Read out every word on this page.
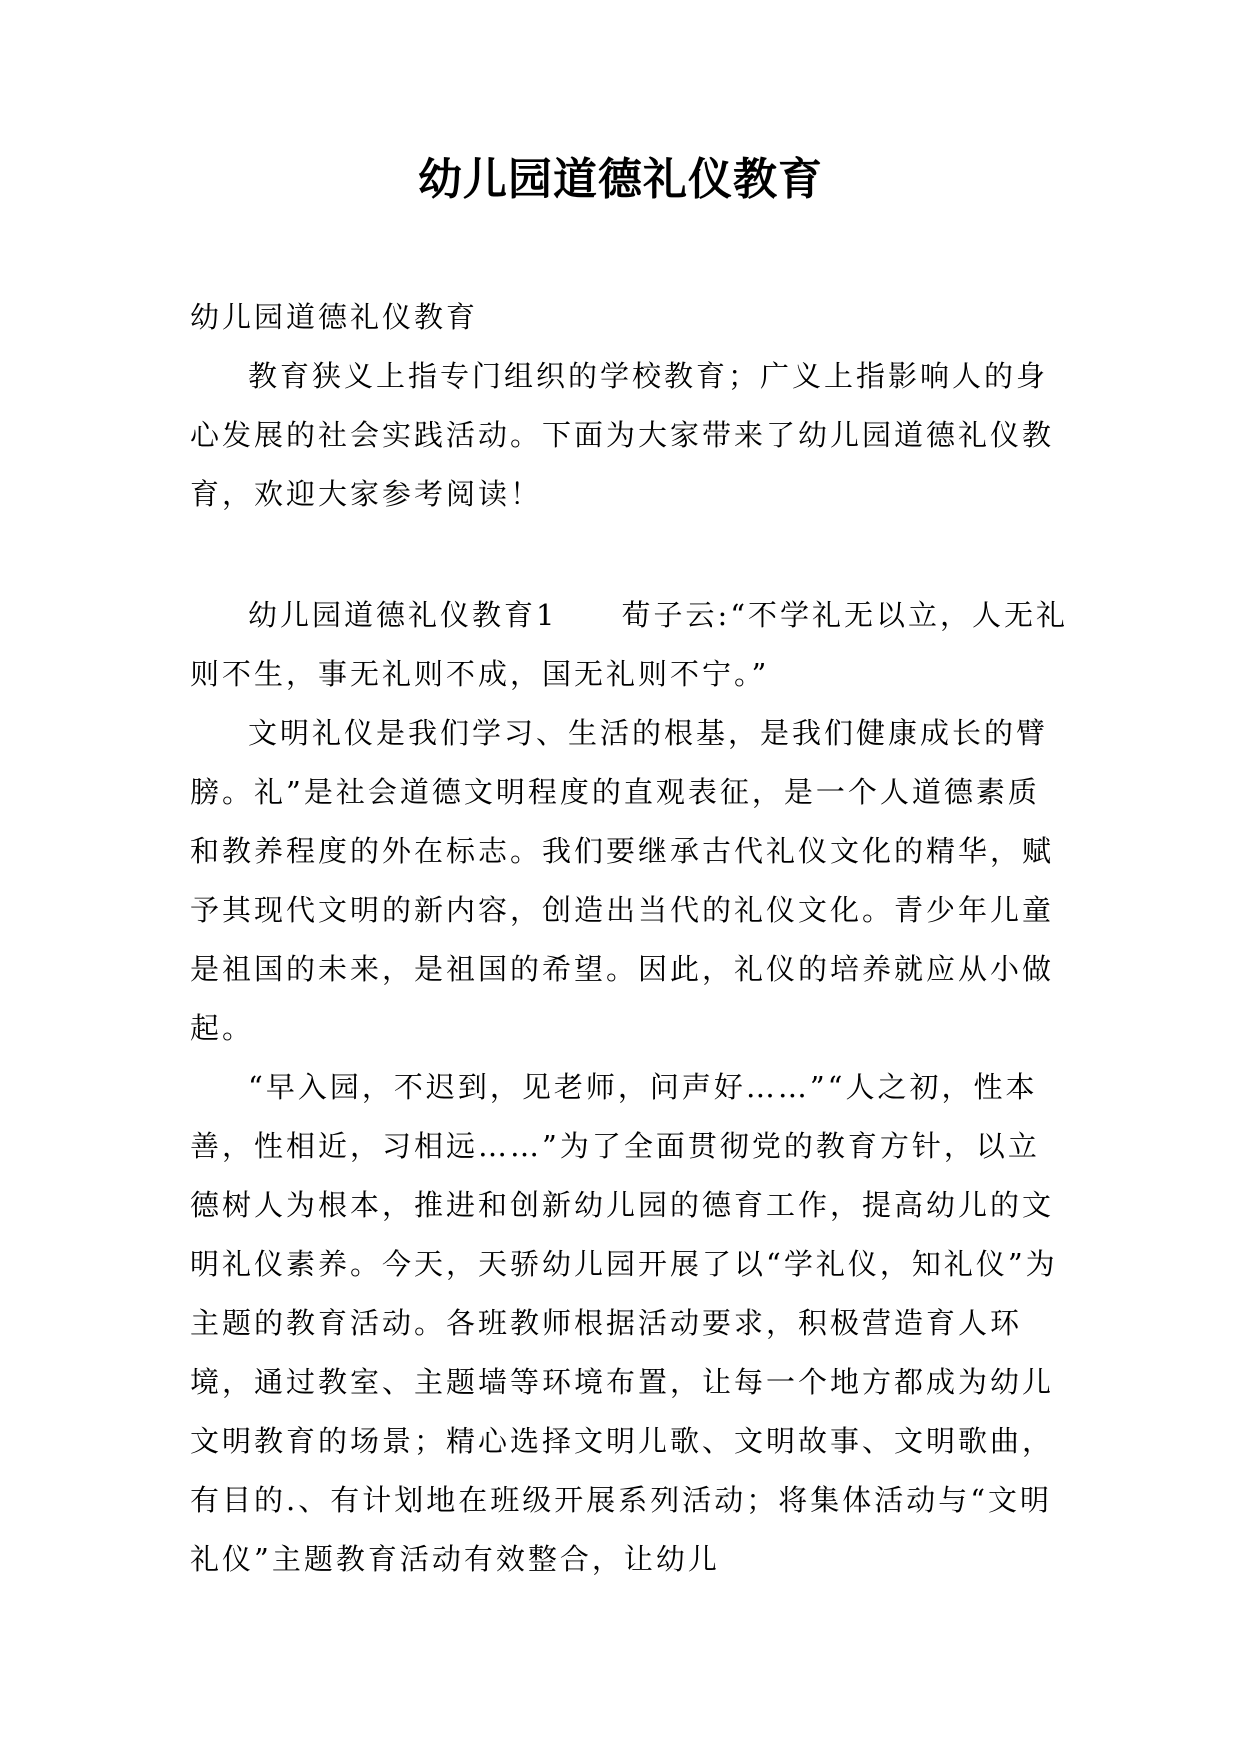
幼儿园道德礼仪教育

幼儿园道德礼仪教育

教育狭义上指专门组织的学校教育；广义上指影响人的身心发展的社会实践活动。下面为大家带来了幼儿园道德礼仪教育，欢迎大家参考阅读！

幼儿园道德礼仪教育1　　荀子云:“不学礼无以立，人无礼则不生，事无礼则不成，国无礼则不宁。”

文明礼仪是我们学习、生活的根基，是我们健康成长的臂膀。礼”是社会道德文明程度的直观表征，是一个人道德素质和教养程度的外在标志。我们要继承古代礼仪文化的精华，赋予其现代文明的新内容，创造出当代的礼仪文化。青少年儿童是祖国的未来，是祖国的希望。因此，礼仪的培养就应从小做起。

“早入园，不迟到，见老师，问声好……”“人之初，性本善，性相近，习相远……”为了全面贯彻党的教育方针，以立德树人为根本，推进和创新幼儿园的德育工作，提高幼儿的文明礼仪素养。今天，天骄幼儿园开展了以“学礼仪，知礼仪”为主题的教育活动。各班教师根据活动要求，积极营造育人环境，通过教室、主题墙等环境布置，让每一个地方都成为幼儿文明教育的场景；精心选择文明儿歌、文明故事、文明歌曲，有目的.、有计划地在班级开展系列活动；将集体活动与“文明礼仪”主题教育活动有效整合，让幼儿
